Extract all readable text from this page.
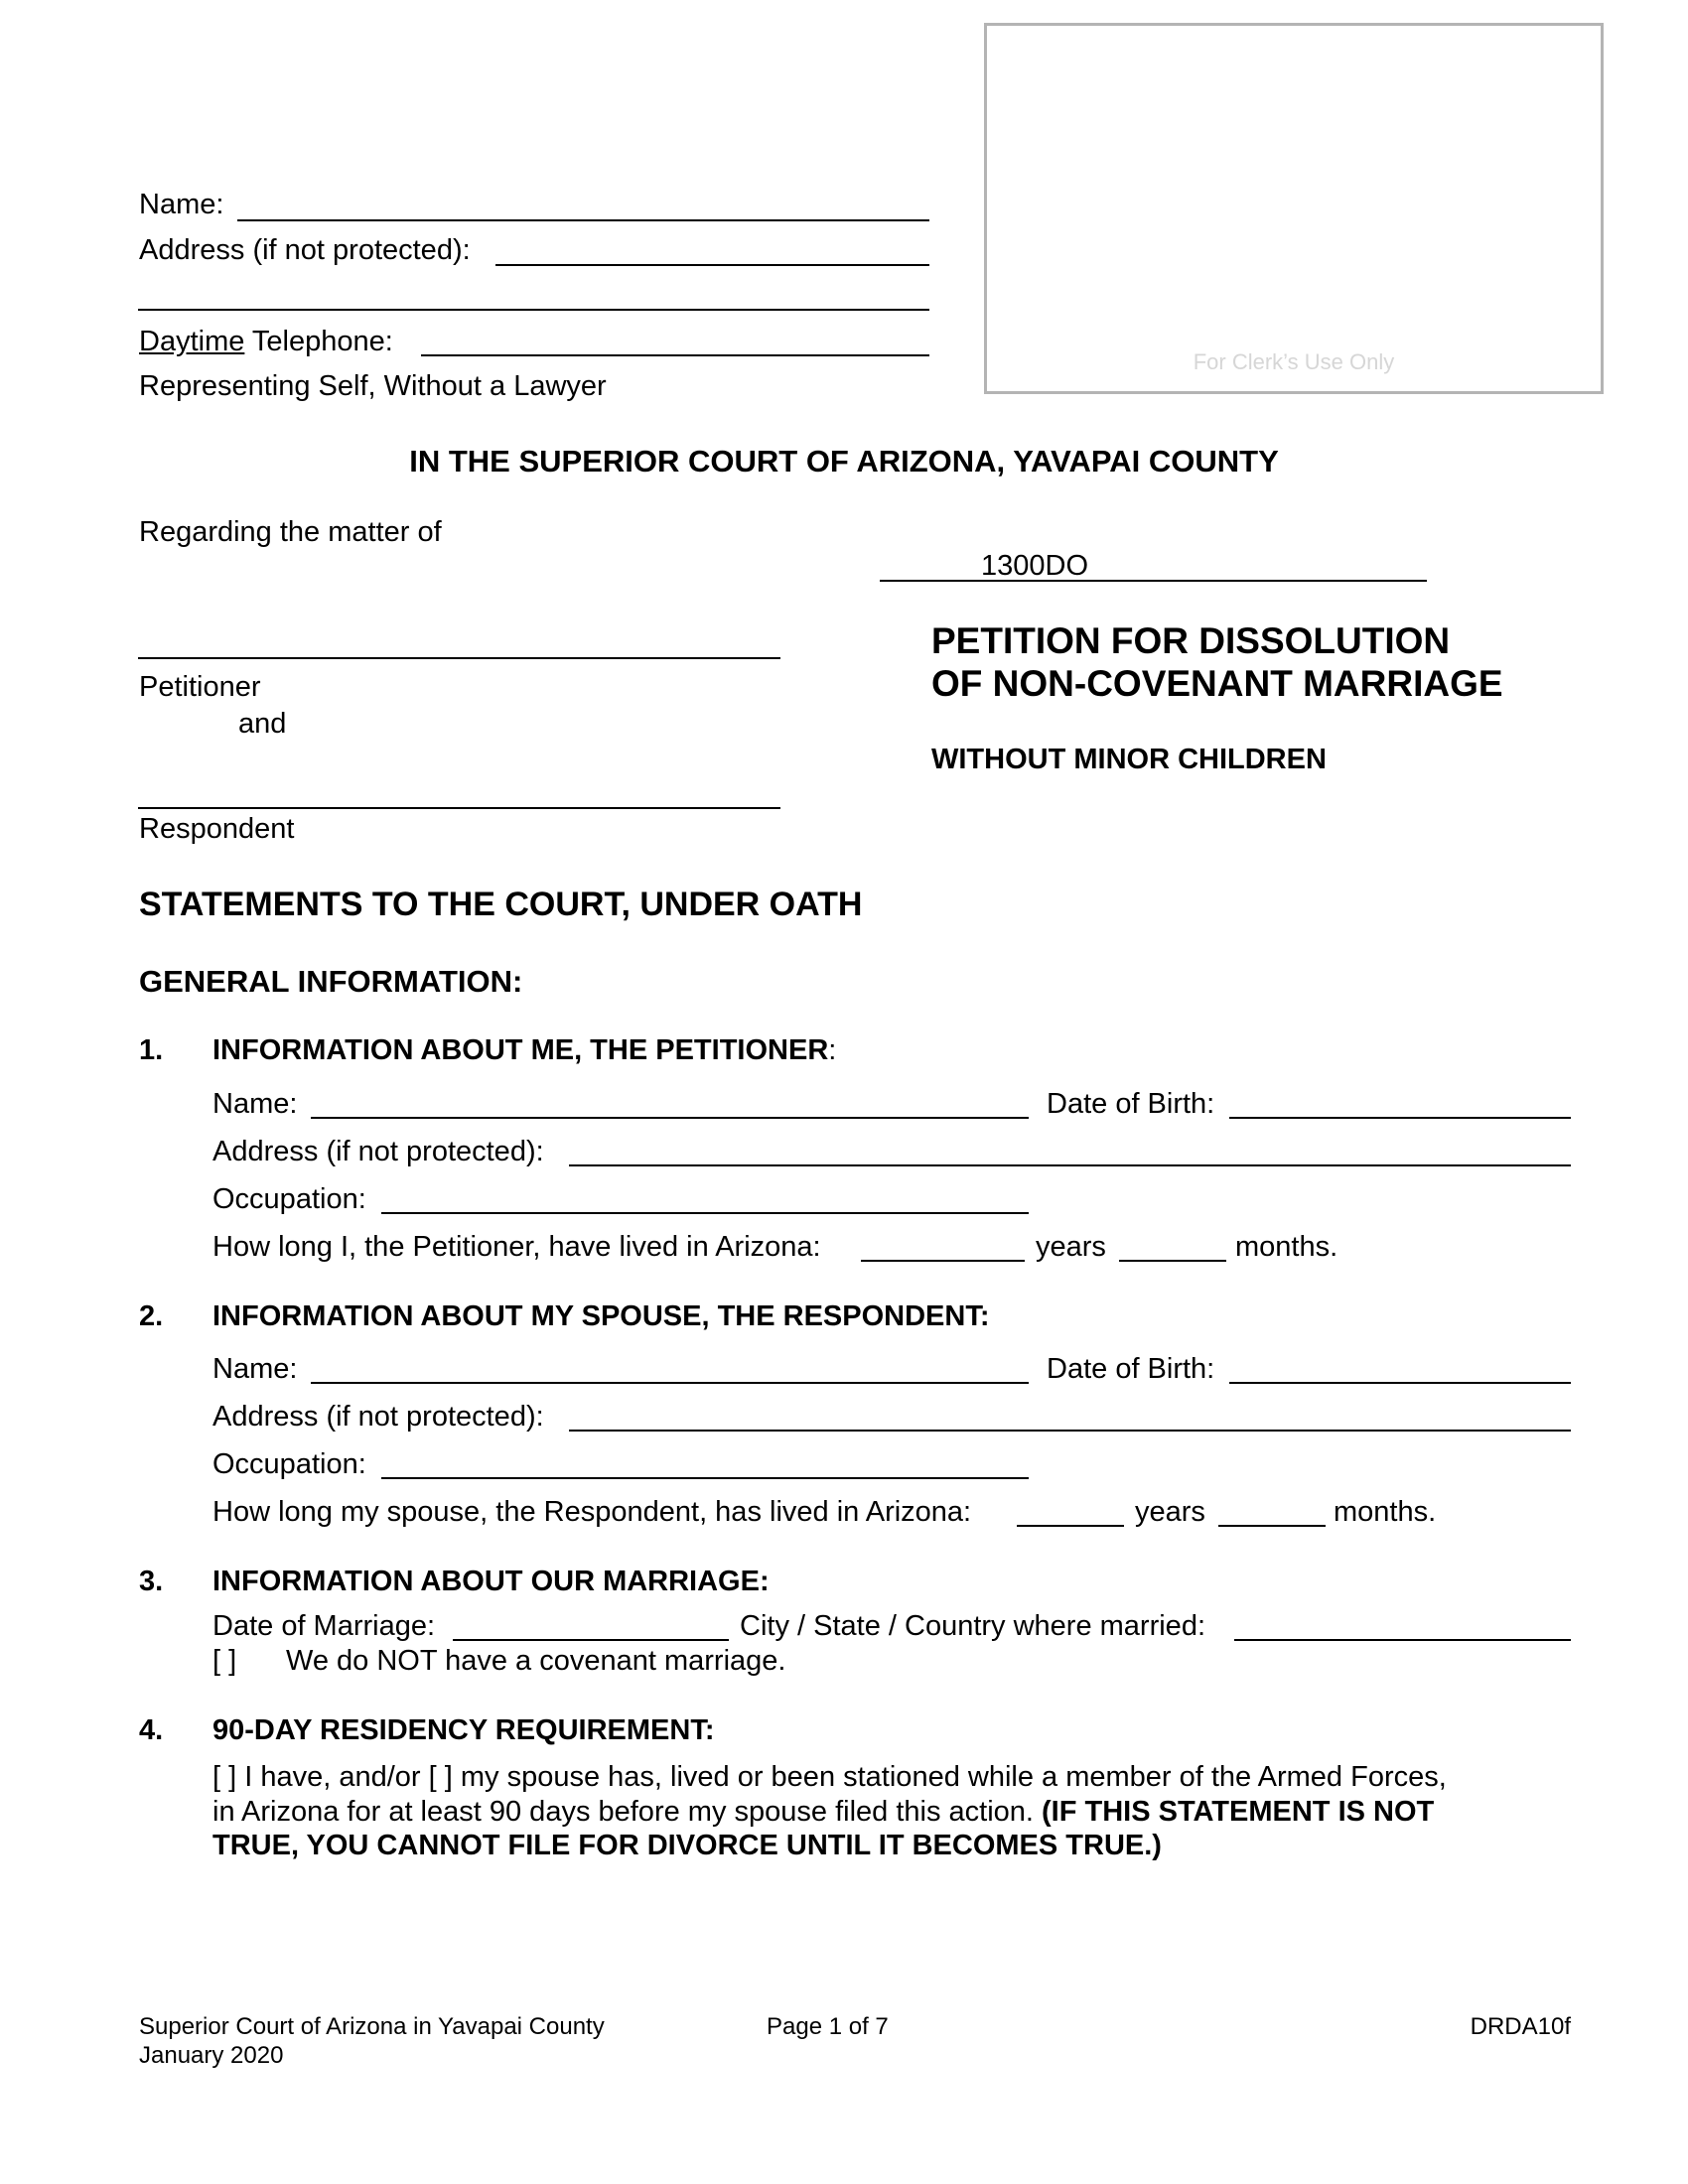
Name:
Address (if not protected):
Daytime Telephone:
Representing Self, Without a Lawyer
For Clerk’s Use Only
IN THE SUPERIOR COURT OF ARIZONA, YAVAPAI COUNTY
Regarding the matter of
1300DO
Petitioner
and
Respondent
PETITION FOR DISSOLUTION
OF NON-COVENANT MARRIAGE
WITHOUT MINOR CHILDREN
STATEMENTS TO THE COURT, UNDER OATH
GENERAL INFORMATION:
1. INFORMATION ABOUT ME, THE PETITIONER:
Name:	Date of Birth:
Address (if not protected):
Occupation:
How long I, the Petitioner, have lived in Arizona:	years	months.
2. INFORMATION ABOUT MY SPOUSE, THE RESPONDENT:
Name:	Date of Birth:
Address (if not protected):
Occupation:
How long my spouse, the Respondent, has lived in Arizona:	years	months.
3. INFORMATION ABOUT OUR MARRIAGE:
Date of Marriage:	City / State / Country where married:
[ ] We do NOT have a covenant marriage.
4. 90-DAY RESIDENCY REQUIREMENT:
[ ] I have, and/or [ ] my spouse has, lived or been stationed while a member of the Armed Forces,
in Arizona for at least 90 days before my spouse filed this action. (IF THIS STATEMENT IS NOT
TRUE, YOU CANNOT FILE FOR DIVORCE UNTIL IT BECOMES TRUE.)
Superior Court of Arizona in Yavapai County
January 2020
Page 1 of 7	DRDA10f
